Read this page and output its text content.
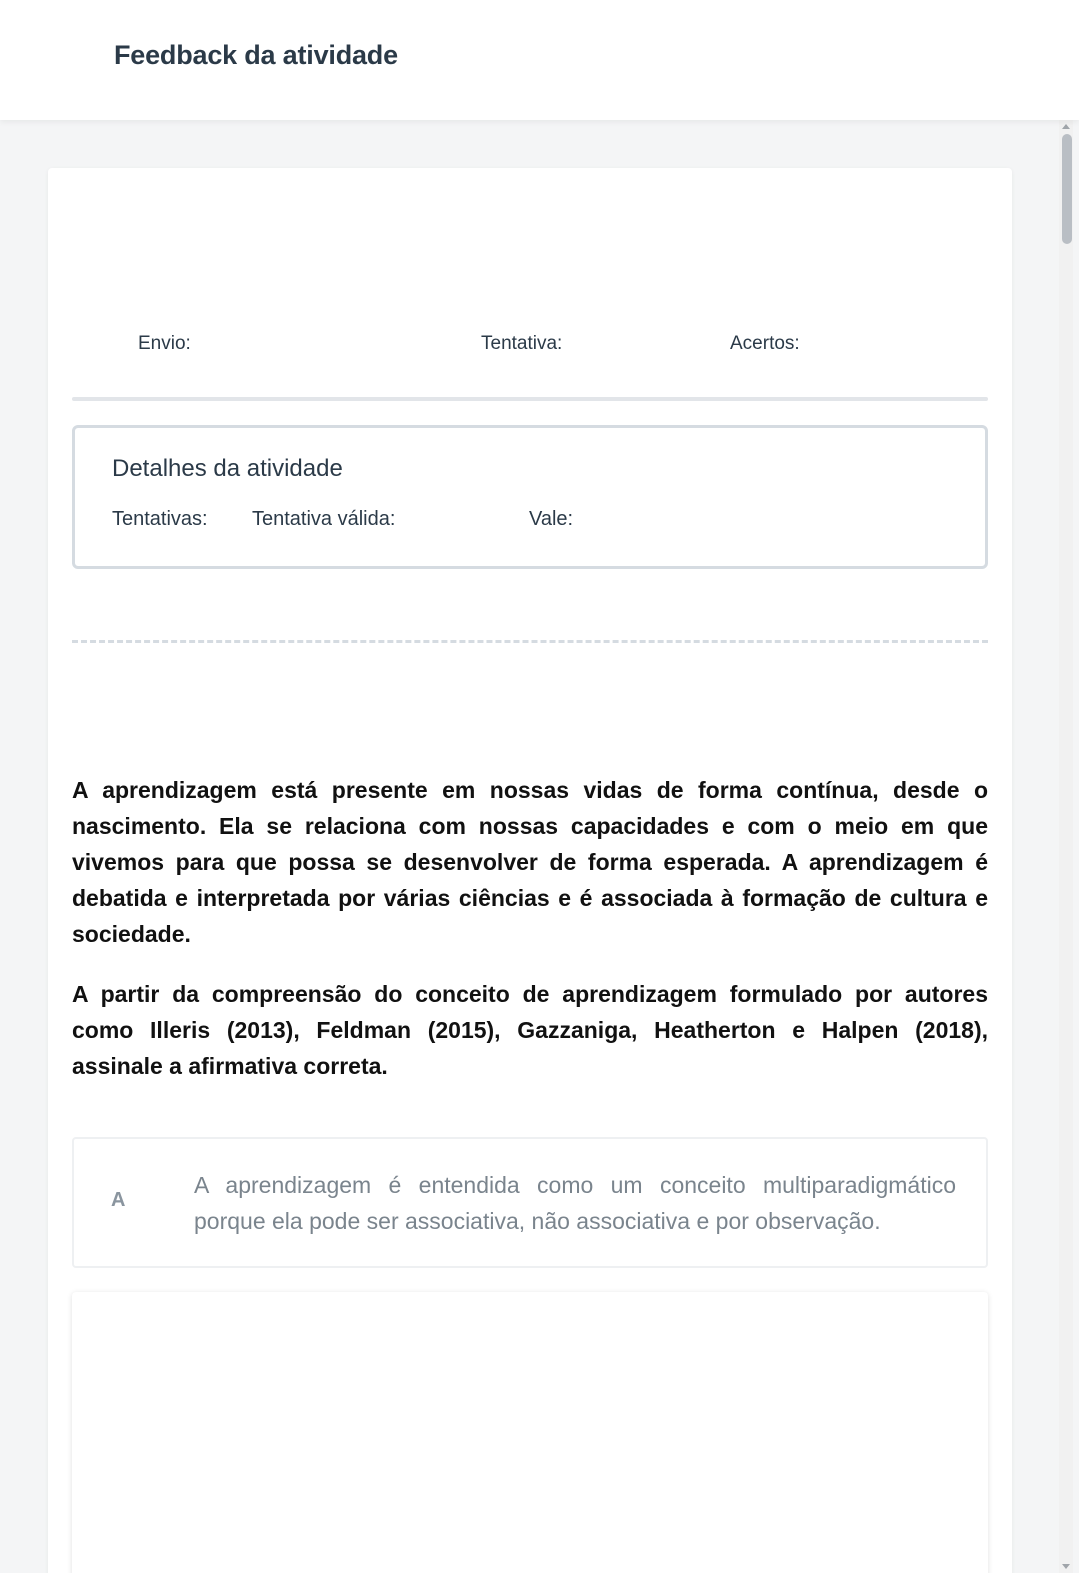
Feedback da atividade
Envio:	Tentativa:	Acertos:
Detalhes da atividade
Tentativas: Tentativa válida:	Vale:

A aprendizagem está presente em nossas vidas de forma contínua, desde o nascimento. Ela se relaciona com nossas capacidades e com o meio em que vivemos para que possa se desenvolver de forma esperada. A aprendizagem é debatida e interpretada por várias ciências e é associada à formação de cultura e sociedade.

A partir da compreensão do conceito de aprendizagem formulado por autores como Illeris (2013), Feldman (2015), Gazzaniga, Heatherton e Halpen (2018), assinale a afirmativa correta.

A
A aprendizagem é entendida como um conceito multiparadigmático porque ela pode ser associativa, não associativa e por observação.
